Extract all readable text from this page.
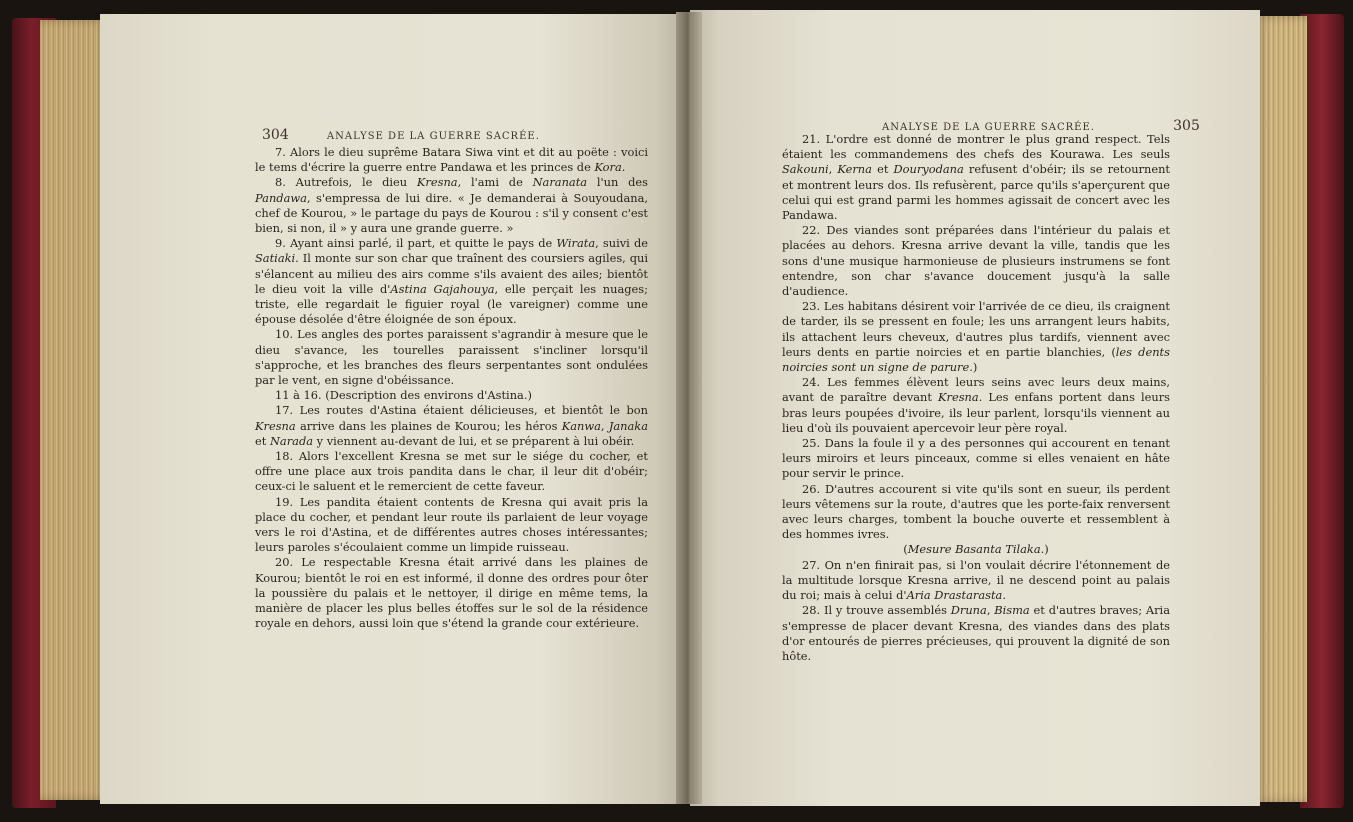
304	ANALYSE DE LA GUERRE SACRÉE.
ANALYSE DE LA GUERRE SACRÉE.	305

7. Alors le dieu suprême Batara Siwa vint et dit au poëte : voici le tems d'écrire la guerre entre Pandawa et les princes de Kora.

8. Autrefois, le dieu Kresna, l'ami de Naranata l'un des Pandawa, s'empressa de lui dire. « Je demanderai à Souyoudana, chef de Kourou, » le partage du pays de Kourou : s'il y consent c'est bien, si non, il » y aura une grande guerre. »

9. Ayant ainsi parlé, il part, et quitte le pays de Wirata, suivi de Satiaki. Il monte sur son char que traînent des coursiers agiles, qui s'élancent au milieu des airs comme s'ils avaient des ailes; bientôt le dieu voit la ville d'Astina Gajahouya, elle perçait les nuages; triste, elle regardait le figuier royal (le vareigner) comme une épouse désolée d'être éloignée de son époux.

10. Les angles des portes paraissent s'agrandir à mesure que le dieu s'avance, les tourelles paraissent s'incliner lorsqu'il s'approche, et les branches des fleurs serpentantes sont ondulées par le vent, en signe d'obéissance.

11 à 16. (Description des environs d'Astina.)

17. Les routes d'Astina étaient délicieuses, et bientôt le bon Kresna arrive dans les plaines de Kourou; les héros Kanwa, Janaka et Narada y viennent au-devant de lui, et se préparent à lui obéir.

18. Alors l'excellent Kresna se met sur le siége du cocher, et offre une place aux trois pandita dans le char, il leur dit d'obéir; ceux-ci le saluent et le remercient de cette faveur.

19. Les pandita étaient contents de Kresna qui avait pris la place du cocher, et pendant leur route ils parlaient de leur voyage vers le roi d'Astina, et de différentes autres choses intéressantes; leurs paroles s'écoulaient comme un limpide ruisseau.

20. Le respectable Kresna était arrivé dans les plaines de Kourou; bientôt le roi en est informé, il donne des ordres pour ôter la poussière du palais et le nettoyer, il dirige en même tems, la manière de placer les plus belles étoffes sur le sol de la résidence royale en dehors, aussi loin que s'étend la grande cour extérieure.

21. L'ordre est donné de montrer le plus grand respect. Tels étaient les commandemens des chefs des Kourawa. Les seuls Sakouni, Kerna et Douryodana refusent d'obéir; ils se retournent et montrent leurs dos. Ils refusèrent, parce qu'ils s'aperçurent que celui qui est grand parmi les hommes agissait de concert avec les Pandawa.

22. Des viandes sont préparées dans l'intérieur du palais et placées au dehors. Kresna arrive devant la ville, tandis que les sons d'une musique harmonieuse de plusieurs instrumens se font entendre, son char s'avance doucement jusqu'à la salle d'audience.

23. Les habitans désirent voir l'arrivée de ce dieu, ils craignent de tarder, ils se pressent en foule; les uns arrangent leurs habits, ils attachent leurs cheveux, d'autres plus tardifs, viennent avec leurs dents en partie noircies et en partie blanchies, (les dents noircies sont un signe de parure.)

24. Les femmes élèvent leurs seins avec leurs deux mains, avant de paraître devant Kresna. Les enfans portent dans leurs bras leurs poupées d'ivoire, ils leur parlent, lorsqu'ils viennent au lieu d'où ils pouvaient apercevoir leur père royal.

25. Dans la foule il y a des personnes qui accourent en tenant leurs miroirs et leurs pinceaux, comme si elles venaient en hâte pour servir le prince.

26. D'autres accourent si vite qu'ils sont en sueur, ils perdent leurs vêtemens sur la route, d'autres que les porte-faix renversent avec leurs charges, tombent la bouche ouverte et ressemblent à des hommes ivres.

(Mesure Basanta Tilaka.)

27. On n'en finirait pas, si l'on voulait décrire l'étonnement de la multitude lorsque Kresna arrive, il ne descend point au palais du roi; mais à celui d'Aria Drastarasta.

28. Il y trouve assemblés Druna, Bisma et d'autres braves; Aria s'empresse de placer devant Kresna, des viandes dans des plats d'or entourés de pierres précieuses, qui prouvent la dignité de son hôte.
